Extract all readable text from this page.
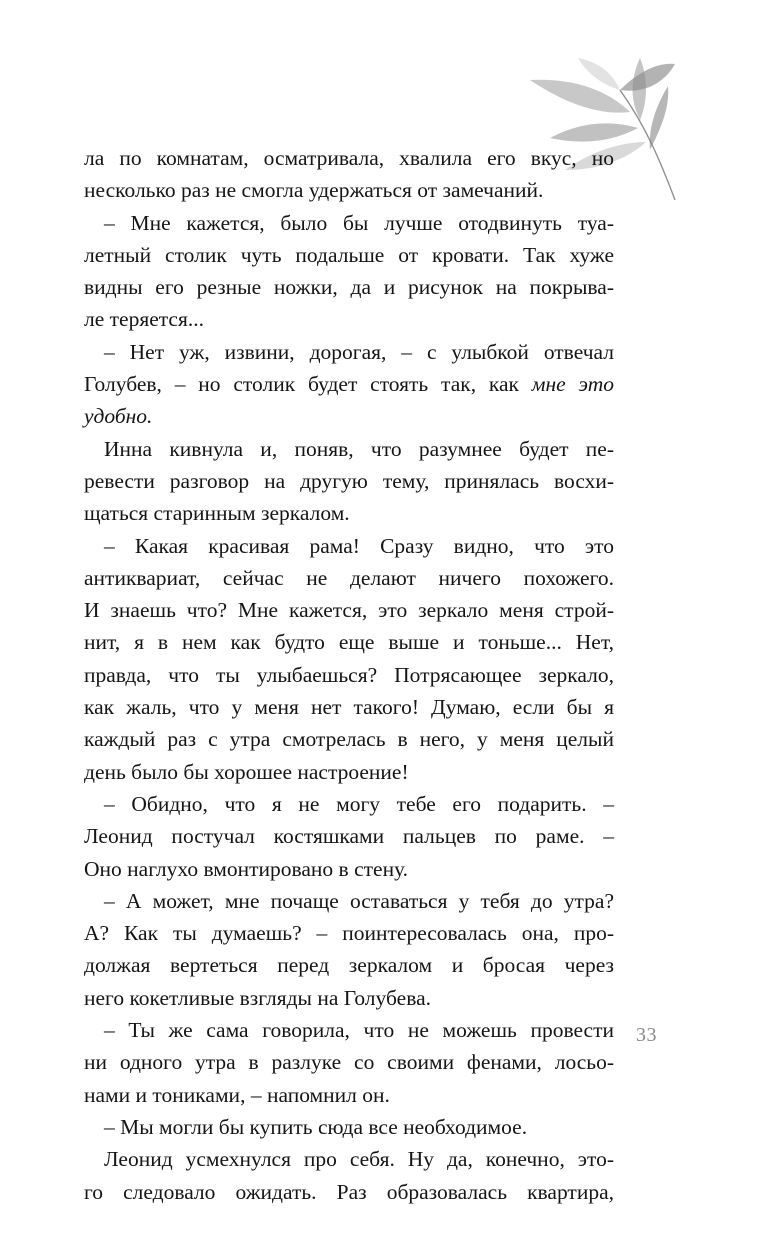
ла по комнатам, осматривала, хвалила его вкус, но
несколько раз не смогла удержаться от замечаний.
– Мне кажется, было бы лучше отодвинуть туа-
летный столик чуть подальше от кровати. Так хуже
видны его резные ножки, да и рисунок на покрыва-
ле теряется...
– Нет уж, извини, дорогая, – с улыбкой отвечал
Голубев, – но столик будет стоять так, как мне это
удобно.
Инна кивнула и, поняв, что разумнее будет пе-
ревести разговор на другую тему, принялась восхи-
щаться старинным зеркалом.
– Какая красивая рама! Сразу видно, что это
антиквариат, сейчас не делают ничего похожего.
И знаешь что? Мне кажется, это зеркало меня строй-
нит, я в нем как будто еще выше и тоньше... Нет,
правда, что ты улыбаешься? Потрясающее зеркало,
как жаль, что у меня нет такого! Думаю, если бы я
каждый раз с утра смотрелась в него, у меня целый
день было бы хорошее настроение!
– Обидно, что я не могу тебе его подарить. –
Леонид постучал костяшками пальцев по раме. –
Оно наглухо вмонтировано в стену.
– А может, мне почаще оставаться у тебя до утра?
А? Как ты думаешь? – поинтересовалась она, про-
должая вертеться перед зеркалом и бросая через
него кокетливые взгляды на Голубева.
– Ты же сама говорила, что не можешь провести
ни одного утра в разлуке со своими фенами, лосьо-
нами и тониками, – напомнил он.
– Мы могли бы купить сюда все необходимое.
Леонид усмехнулся про себя. Ну да, конечно, это-
го следовало ожидать. Раз образовалась квартира,
33
